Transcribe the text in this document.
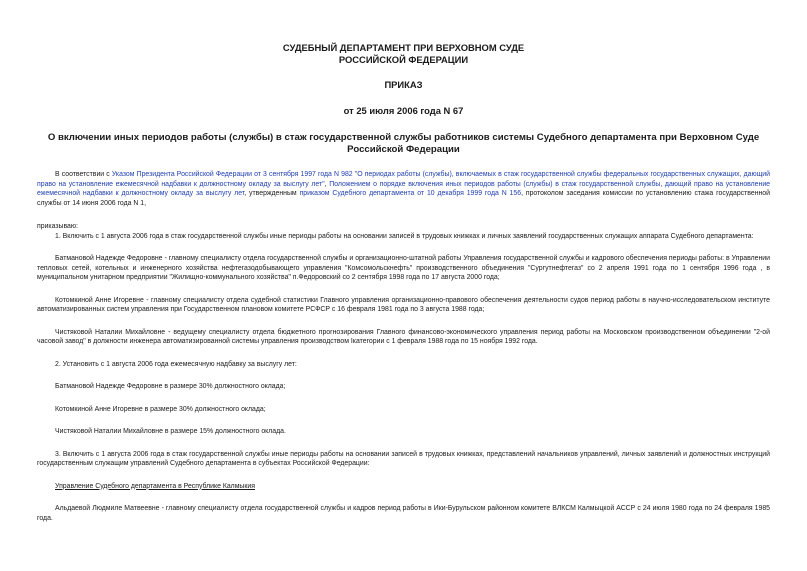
СУДЕБНЫЙ ДЕПАРТАМЕНТ ПРИ ВЕРХОВНОМ СУДЕ
РОССИЙСКОЙ ФЕДЕРАЦИИ
ПРИКАЗ
от 25 июля 2006 года N 67
О включении иных периодов работы (службы) в стаж государственной службы работников системы Судебного департамента при Верховном Суде Российской Федерации

В соответствии с Указом Президента Российской Федерации от 3 сентября 1997 года N 982 "О периодах работы (службы), включаемых в стаж государственной службы федеральных государственных служащих, дающий право на установление ежемесячной надбавки к должностному окладу за выслугу лет", Положением о порядке включения иных периодов работы (службы) в стаж государственной службы, дающий право на установление ежемесячной надбавки к должностному окладу за выслугу лет, утвержденным приказом Судебного департамента от 10 декабря 1999 года N 156, протоколом заседания комиссии по установлению стажа государственной службы от 14 июня 2006 года N 1,

приказываю:

1. Включить с 1 августа 2006 года в стаж государственной службы иные периоды работы на основании записей в трудовых книжках и личных заявлений государственных служащих аппарата Судебного департамента:

Батмановой Надежде Федоровне - главному специалисту отдела государственной службы и организационно-штатной работы Управления государственной службы и кадрового обеспечения периоды работы: в Управлении тепловых сетей, котельных и инженерного хозяйства нефтегазодобывающего управления "Комсомольскнефть" производственного объединения "Сургутнефтегаз" со 2 апреля 1991 года по 1 сентября 1996 года , в муниципальном унитарном предприятии "Жилищно-коммунального хозяйства" п.Федоровский со 2 сентября 1998 года по 17 августа 2000 года;

Котомкиной Анне Игоревне - главному специалисту отдела судебной статистики Главного управления организационно-правового обеспечения деятельности судов период работы в научно-исследовательском институте автоматизированных систем управления при Государственном плановом комитете РСФСР с 16 февраля 1981 года по 3 августа 1988 года;

Чистяковой Наталии Михайловне - ведущему специалисту отдела бюджетного прогнозирования Главного финансово-экономического управления период работы на Московском производственном объединении "2-ой часовой завод" в должности инженера автоматизированной системы управления производством Iкатегории с 1 февраля 1988 года по 15 ноября 1992 года.

2. Установить с 1 августа 2006 года ежемесячную надбавку за выслугу лет:

Батмановой Надежде Федоровне в размере 30% должностного оклада;

Котомкиной Анне Игоревне в размере 30% должностного оклада;

Чистяковой Наталии Михайловне в размере 15% должностного оклада.

3. Включить с 1 августа 2006 года в стаж государственной службы иные периоды работы на основании записей в трудовых книжках, представлений начальников управлений, личных заявлений и должностных инструкций государственным служащим управлений Судебного департамента в субъектах Российской Федерации:

Управление Судебного департамента в Республике Калмыкия

Альдаевой Людмиле Матвеевне - главному специалисту отдела государственной службы и кадров период работы в Ики-Бурульском районном комитете ВЛКСМ Калмыцкой АССР с 24 июля 1980 года по 24 февраля 1985 года.
